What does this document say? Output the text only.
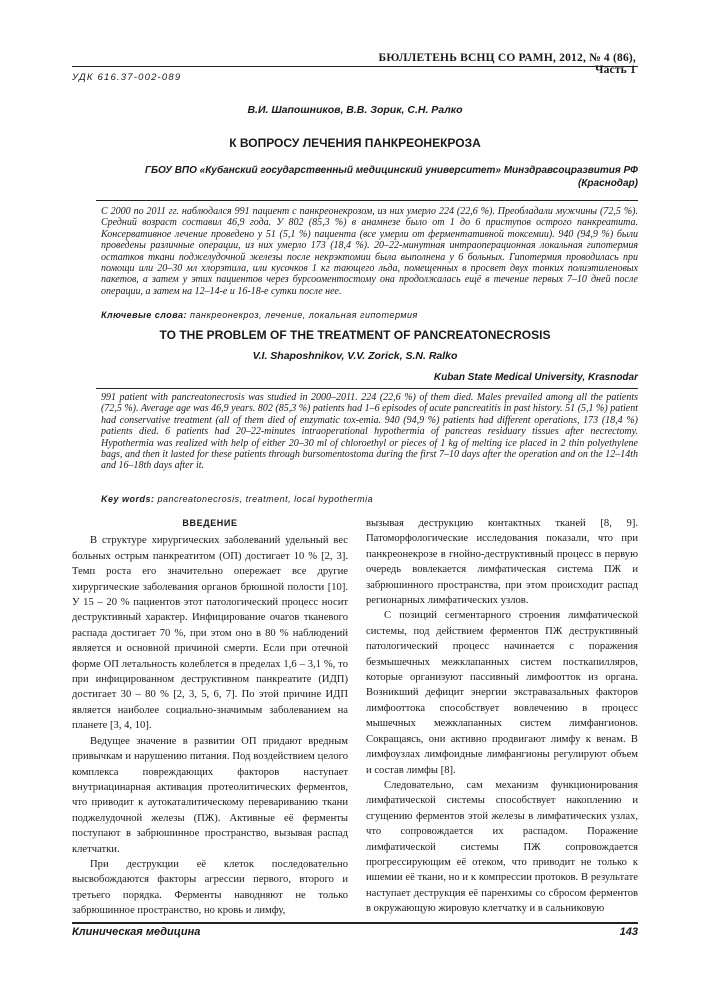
БЮЛЛЕТЕНЬ ВСНЦ СО РАМН, 2012, № 4 (86), Часть 1
УДК 616.37-002-089
В.И. Шапошников, В.В. Зорик, С.Н. Ралко
К ВОПРОСУ ЛЕЧЕНИЯ ПАНКРЕОНЕКРОЗА
ГБОУ ВПО «Кубанский государственный медицинский университет» Минздравсоцразвития РФ
(Краснодар)
С 2000 по 2011 гг. наблюдался 991 пациент с панкреонекрозом, из них умерло 224 (22,6 %). Преобладали мужчины (72,5 %). Средний возраст составил 46,9 года. У 802 (85,3 %) в анамнезе было от 1 до 6 приступов острого панкреатита. Консервативное лечение проведено у 51 (5,1 %) пациента (все умерли от ферментативной токсемии). 940 (94,9 %) были проведены различные операции, из них умерло 173 (18,4 %). 20–22-минутная интраоперационная локальная гипотермия остатков ткани поджелудочной железы после некрэктомии была выполнена у 6 больных. Гипотермия проводилась при помощи или 20–30 мл хлорэтила, или кусочков 1 кг тающего льда, помещенных в просвет двух тонких полиэтиленовых пакетов, а затем у этих пациентов через бурсооментостому она продолжалась ещё в течение первых 7–10 дней после операции, а затем на 12–14-е и 16-18-е сутки после нее.
Ключевые слова: панкреонекроз, лечение, локальная гипотермия
TO THE PROBLEM OF THE TREATMENT OF PANCREATONECROSIS
V.I. Shaposhnikov, V.V. Zorick, S.N. Ralko
Kuban State Medical University, Krasnodar
991 patient with pancreatonecrosis was studied in 2000–2011. 224 (22,6 %) of them died. Males prevailed among all the patients (72,5 %). Average age was 46,9 years. 802 (85,3 %) patients had 1–6 episodes of acute pancreatitis in past history. 51 (5,1 %) patient had conservative treatment (all of them died of enzymatic tox-emia. 940 (94,9 %) patients had different operations, 173 (18,4 %) patients died. 6 patients had 20–22-minutes intraoperational hypothermia of pancreas residuary tissues after necrectomy. Hypothermia was realized with help of either 20–30 ml of chloroethyl or pieces of 1 kg of melting ice placed in 2 thin polyethylene bags, and then it lasted for these patients through bursomentostoma during the first 7–10 days after the operation and on the 12–14th and 16–18th days after it.
Key words: pancreatonecrosis, treatment, local hypothermia
ВВЕДЕНИЕ

В структуре хирургических заболеваний удельный вес больных острым панкреатитом (ОП) достигает 10 % [2, 3]. Темп роста его значительно опережает все другие хирургические заболевания органов брюшной полости [10]. У 15 – 20 % пациентов этот патологический процесс носит деструктивный характер. Инфицирование очагов тканевого распада достигает 70 %, при этом оно в 80 % наблюдений является и основной причиной смерти. Если при отечной форме ОП летальность колеблется в пределах 1,6 – 3,1 %, то при инфицированном деструктивном панкреатите (ИДП) достигает 30 – 80 % [2, 3, 5, 6, 7]. По этой причине ИДП является наиболее социально-значимым заболеванием на планете [3, 4, 10].

Ведущее значение в развитии ОП придают вредным привычкам и нарушению питания. Под воздействием целого комплекса повреждающих факторов наступает внутриацинарная активация протеолитических ферментов, что приводит к аутокаталитическому перевариванию ткани поджелудочной железы (ПЖ). Активные её ферменты поступают в забрюшинное пространство, вызывая распад клетчатки.

При деструкции её клеток последовательно высвобождаются факторы агрессии первого, второго и третьего порядка. Ферменты наводняют не только забрюшинное пространство, но кровь и лимфу,

вызывая деструкцию контактных тканей [8, 9]. Патоморфологические исследования показали, что при панкреонекрозе в гнойно-деструктивный процесс в первую очередь вовлекается лимфатическая система ПЖ и забрюшинного пространства, при этом происходит распад регионарных лимфатических узлов.

С позиций сегментарного строения лимфатической системы, под действием ферментов ПЖ деструктивный патологический процесс начинается с поражения безмышечных межклапанных систем посткапилляров, которые организуют пассивный лимфоотток из органа. Возникший дефицит энергии экстравазальных факторов лимфооттока способствует вовлечению в процесс мышечных межклапанных систем лимфангионов. Сокращаясь, они активно продвигают лимфу к венам. В лимфоузлах лимфоидные лимфангионы регулируют объем и состав лимфы [8].

Следовательно, сам механизм функционирования лимфатической системы способствует накоплению и сгущению ферментов этой железы в лимфатических узлах, что сопровождается их распадом. Поражение лимфатической системы ПЖ сопровождается прогрессирующим её отеком, что приводит не только к ишемии её ткани, но и к компрессии протоков. В результате наступает деструкция её паренхимы со сбросом ферментов в окружающую жировую клетчатку и в сальниковую

Клиническая медицина	143
